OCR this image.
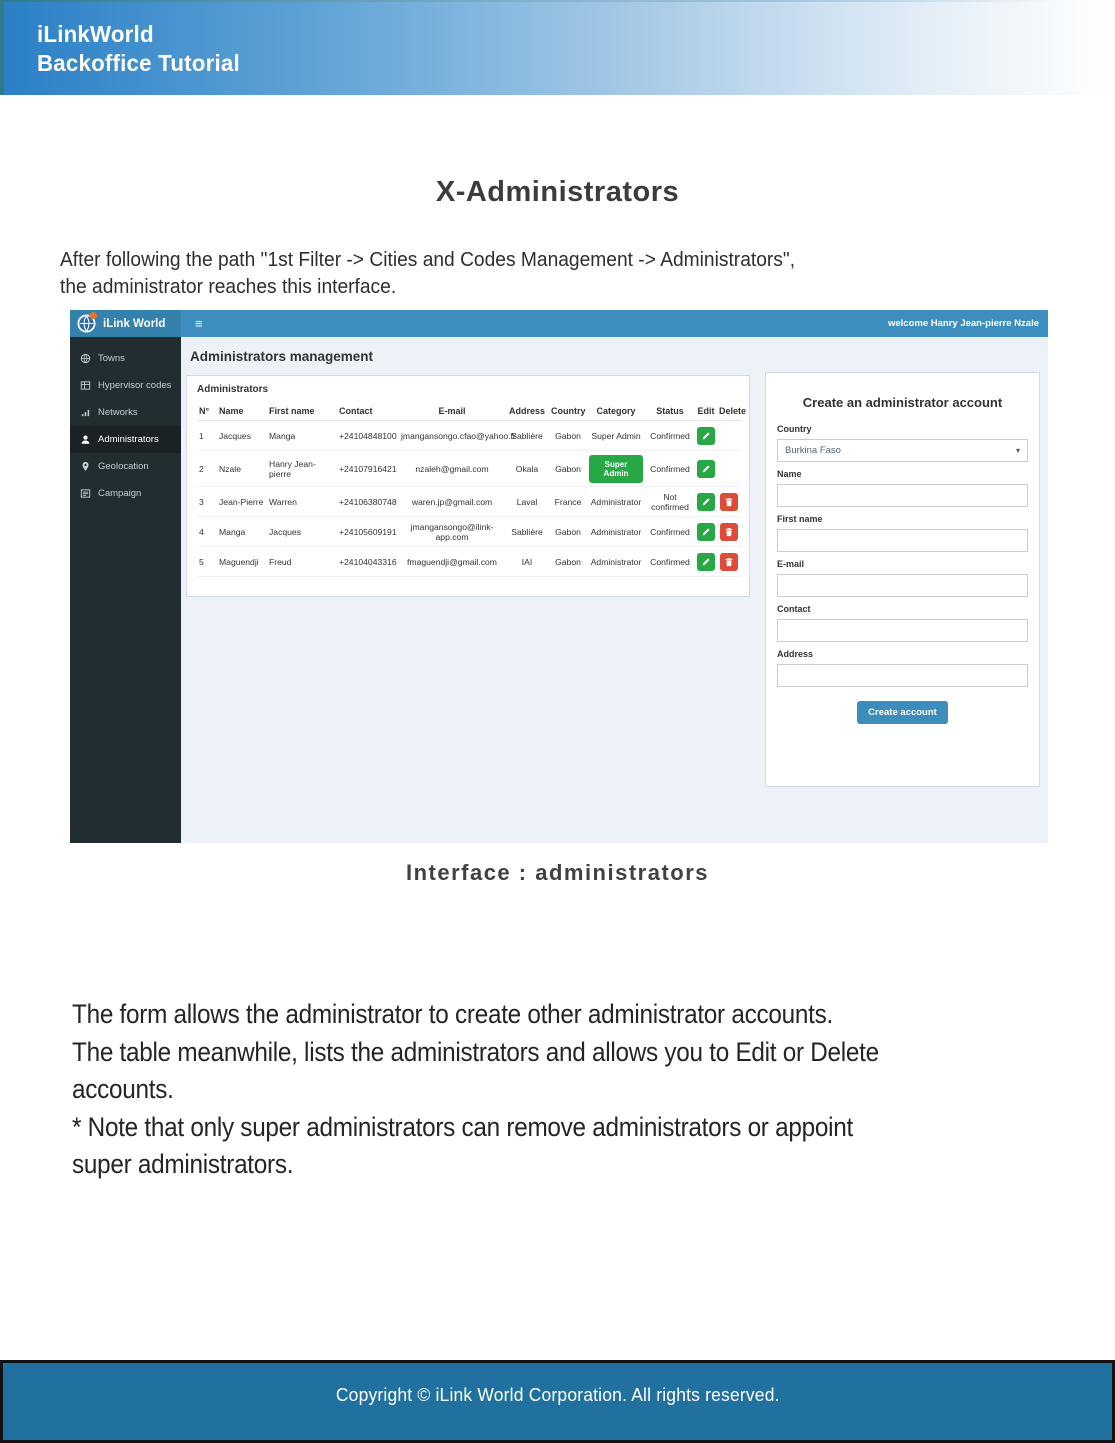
iLinkWorld
Backoffice Tutorial
X-Administrators
After following the path "1st Filter -> Cities and Codes Management -> Administrators",
the administrator reaches this interface.
iLink World	≡	welcome Hanry Jean-pierre Nzale
Towns
Hypervisor codes
Networks
Administrators
Geolocation
Campaign
Administrators management
Administrators
N°	Name	First name	Contact	E-mail	Address	Country	Category	Status	Edit	Delete
1	Jacques	Manga	+24104848100	jmangansongo.cfao@yahoo.fr	Sablière	Gabon	Super Admin	Confirmed	

2	Nzale	Hanry Jean-pierre	+24107916421	nzaleh@gmail.com	Okala	Gabon	Super Admin	Confirmed	

3	Jean-Pierre	Warren	+24106380748	waren.jp@gmail.com	Laval	France	Administrator	Not confirmed	

4	Manga	Jacques	+24105609191	jmangansongo@ilink-app.com	Sablière	Gabon	Administrator	Confirmed	

5	Maguendji	Freud	+24104043316	fmaguendji@gmail.com	IAI	Gabon	Administrator	Confirmed	

Create an administrator account
Country
Burkina Faso	▾
Name
First name
E-mail
Contact
Address
Create account
Interface : administrators
The form allows the administrator to create other administrator accounts.
The table meanwhile, lists the administrators and allows you to Edit or Delete accounts.
* Note that only super administrators can remove administrators or appoint
super administrators.
Copyright © iLink World Corporation. All rights reserved.
